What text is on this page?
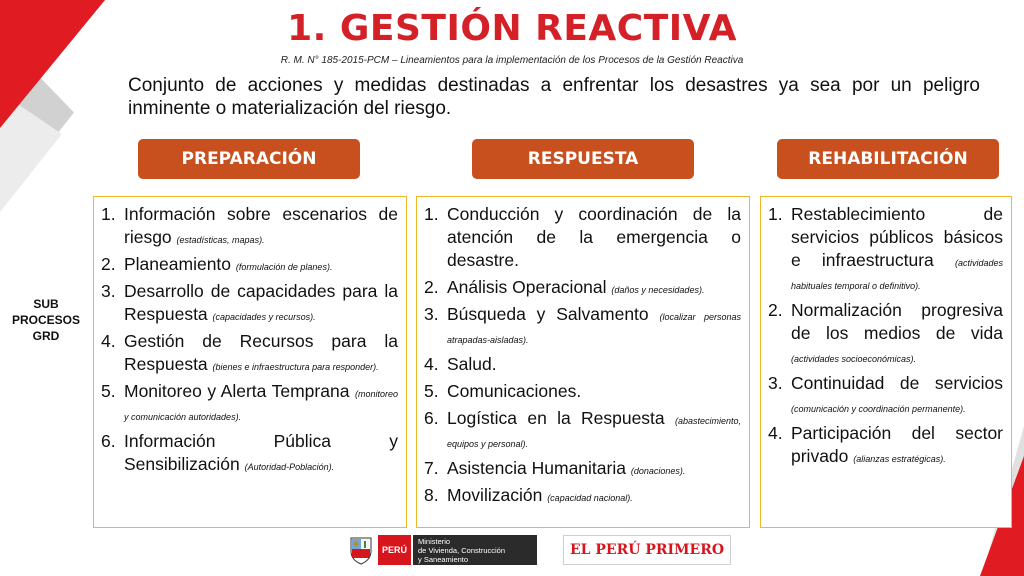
1. GESTIÓN REACTIVA
R. M. N° 185-2015-PCM – Lineamientos para la implementación de los Procesos de la Gestión Reactiva

Conjunto de acciones y medidas destinadas a enfrentar los desastres ya sea por un peligro inminente o materialización del riesgo.

SUB
PROCESOS
GRD
PREPARACIÓN	RESPUESTA	REHABILITACIÓN
1. Información sobre escenarios de riesgo (estadísticas, mapas).
2. Planeamiento (formulación de planes).
3. Desarrollo de capacidades para la Respuesta (capacidades y recursos).
4. Gestión de Recursos para la Respuesta (bienes e infraestructura para responder).
5. Monitoreo y Alerta Temprana (monitoreo y comunicación autoridades).
6. Información Pública y Sensibilización (Autoridad-Población).
1. Conducción y coordinación de la atención de la emergencia o desastre.
2. Análisis Operacional (daños y necesidades).
3. Búsqueda y Salvamento (localizar personas atrapadas-aisladas).
4. Salud.
5. Comunicaciones.
6. Logística en la Respuesta (abastecimiento, equipos y personal).
7. Asistencia Humanitaria (donaciones).
8. Movilización (capacidad nacional).
1. Restablecimiento de servicios públicos básicos e infraestructura (actividades habituales temporal o definitivo).
2. Normalización progresiva de los medios de vida (actividades socioeconómicas).
3. Continuidad de servicios (comunicación y coordinación permanente).
4. Participación del sector privado (alianzas estratégicas).
PERÚ
Ministerio
de Vivienda, Construcción
y Saneamiento
EL PERÚ PRIMERO
